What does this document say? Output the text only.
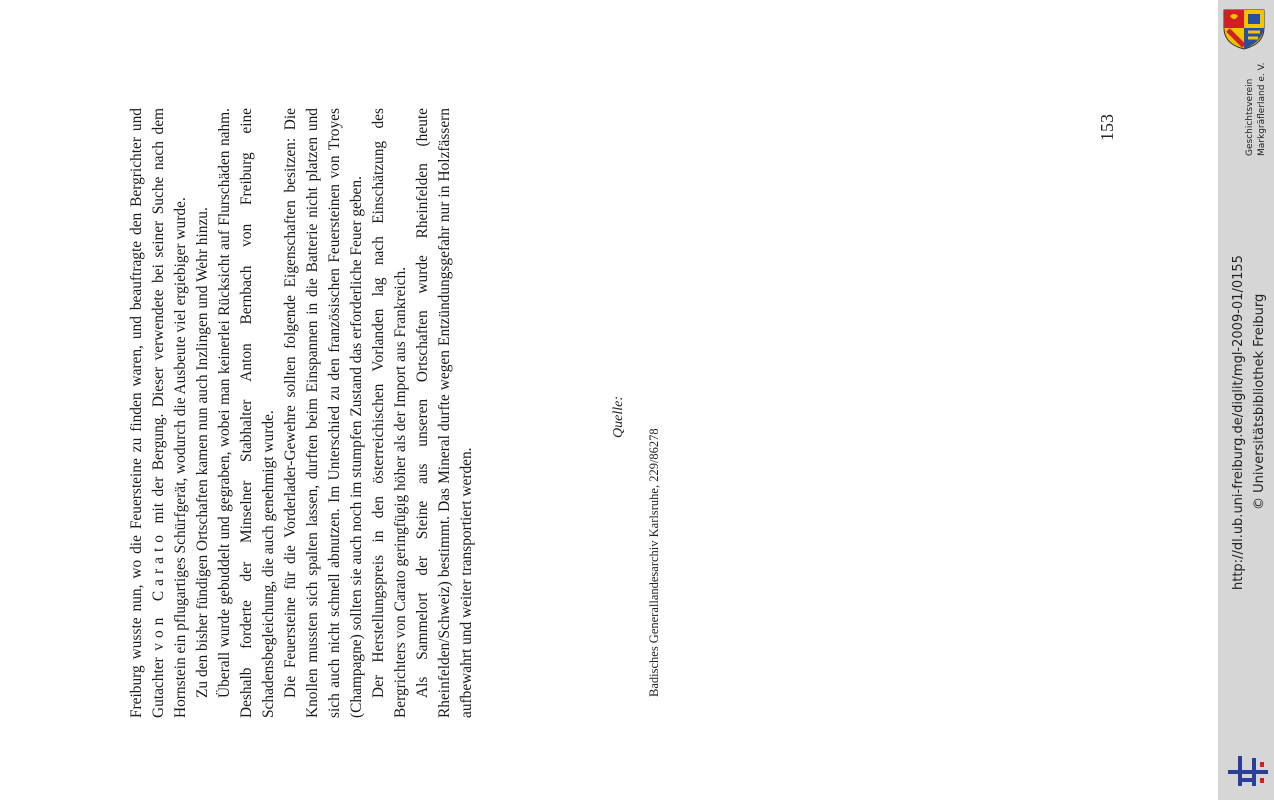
Freiburg wusste nun, wo die Feuersteine zu finden waren, und beauftragte den Bergrichter und Gutachter von Carato mit der Bergung. Dieser verwendete bei seiner Suche nach dem Hornstein ein pflugartiges Schürfgerät, wodurch die Ausbeute viel ergiebiger wurde. Zu den bisher fündigen Ortschaften kamen nun auch Inzlingen und Wehr hinzu. Überall wurde gebuddelt und gegraben, wobei man keinerlei Rücksicht auf Flurschäden nahm. Deshalb forderte der Minselner Stabhalter Anton Bernbach von Freiburg eine Schadensbegleichung, die auch genehmigt wurde. Die Feuersteine für die Vorderlader-Gewehre sollten folgende Eigenschaften besitzen: Die Knollen mussten sich spalten lassen, durften beim Einspannen in die Batterie nicht platzen und sich auch nicht schnell abnutzen. Im Unterschied zu den französischen Feuersteinen von Troyes (Champagne) sollten sie auch noch im stumpfen Zustand das erforderliche Feuer geben. Der Herstellungspreis in den österreichischen Vorlanden lag nach Einschätzung des Bergrichters von Carato geringfügig höher als der Import aus Frankreich. Als Sammelort der Steine aus unseren Ortschaften wurde Rheinfelden (heute Rheinfelden/Schweiz) bestimmt. Das Mineral durfte wegen Entzündungsgefahr nur in Holzfässern aufbewahrt und weiter transportiert werden.

Quelle:
Badisches Generallandesarchiv Karlsruhe, 229/86278
153	Geschichtsverein Markgräflerland e. V.
http://dl.ub.uni-freiburg.de/diglit/mgl-2009-01/0155 © Universitätsbibliothek Freiburg
